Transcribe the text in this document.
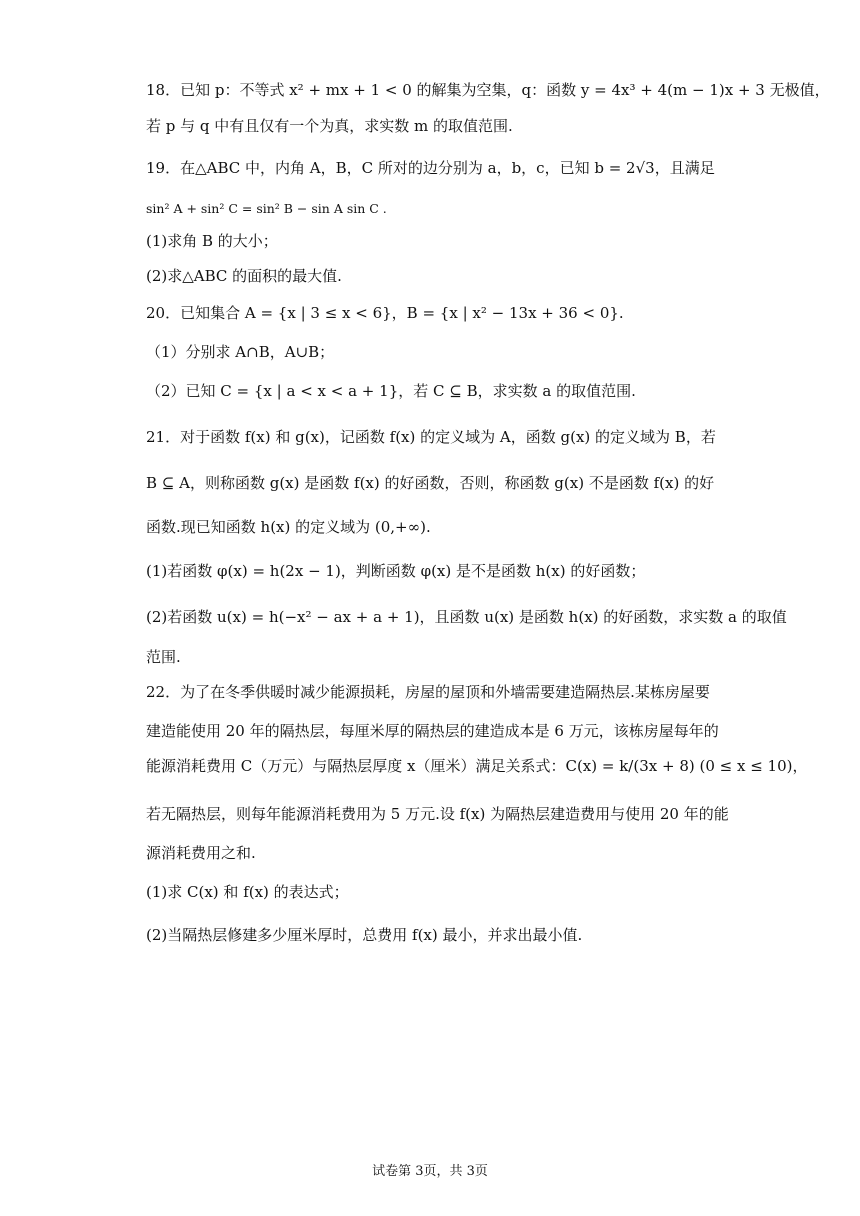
18．已知 p：不等式 x² + mx + 1 < 0 的解集为空集，q：函数 y = 4x³ + 4(m − 1)x + 3 无极值，
若 p 与 q 中有且仅有一个为真，求实数 m 的取值范围.
19．在△ABC 中，内角 A，B，C 所对的边分别为 a，b，c，已知 b = 2√3，且满足
sin² A + sin² C = sin² B − sin A sin C .
(1)求角 B 的大小；
(2)求△ABC 的面积的最大值.
20．已知集合 A = {x | 3 ≤ x < 6}，B = {x | x² − 13x + 36 < 0}.
（1）分别求 A∩B，A∪B；
（2）已知 C = {x | a < x < a + 1}，若 C ⊆ B，求实数 a 的取值范围.
21．对于函数 f(x) 和 g(x)，记函数 f(x) 的定义域为 A，函数 g(x) 的定义域为 B，若
B ⊆ A，则称函数 g(x) 是函数 f(x) 的好函数，否则，称函数 g(x) 不是函数 f(x) 的好
函数.现已知函数 h(x) 的定义域为 (0,+∞).
(1)若函数 φ(x) = h(2x − 1)，判断函数 φ(x) 是不是函数 h(x) 的好函数；
(2)若函数 u(x) = h(−x² − ax + a + 1)，且函数 u(x) 是函数 h(x) 的好函数，求实数 a 的取值
范围.
22．为了在冬季供暖时减少能源损耗，房屋的屋顶和外墙需要建造隔热层.某栋房屋要
建造能使用 20 年的隔热层，每厘米厚的隔热层的建造成本是 6 万元，该栋房屋每年的
能源消耗费用 C（万元）与隔热层厚度 x（厘米）满足关系式：C(x) = k/(3x + 8) (0 ≤ x ≤ 10)，
若无隔热层，则每年能源消耗费用为 5 万元.设 f(x) 为隔热层建造费用与使用 20 年的能
源消耗费用之和.
(1)求 C(x) 和 f(x) 的表达式；
(2)当隔热层修建多少厘米厚时，总费用 f(x) 最小，并求出最小值.
试卷第 3页，共 3页
